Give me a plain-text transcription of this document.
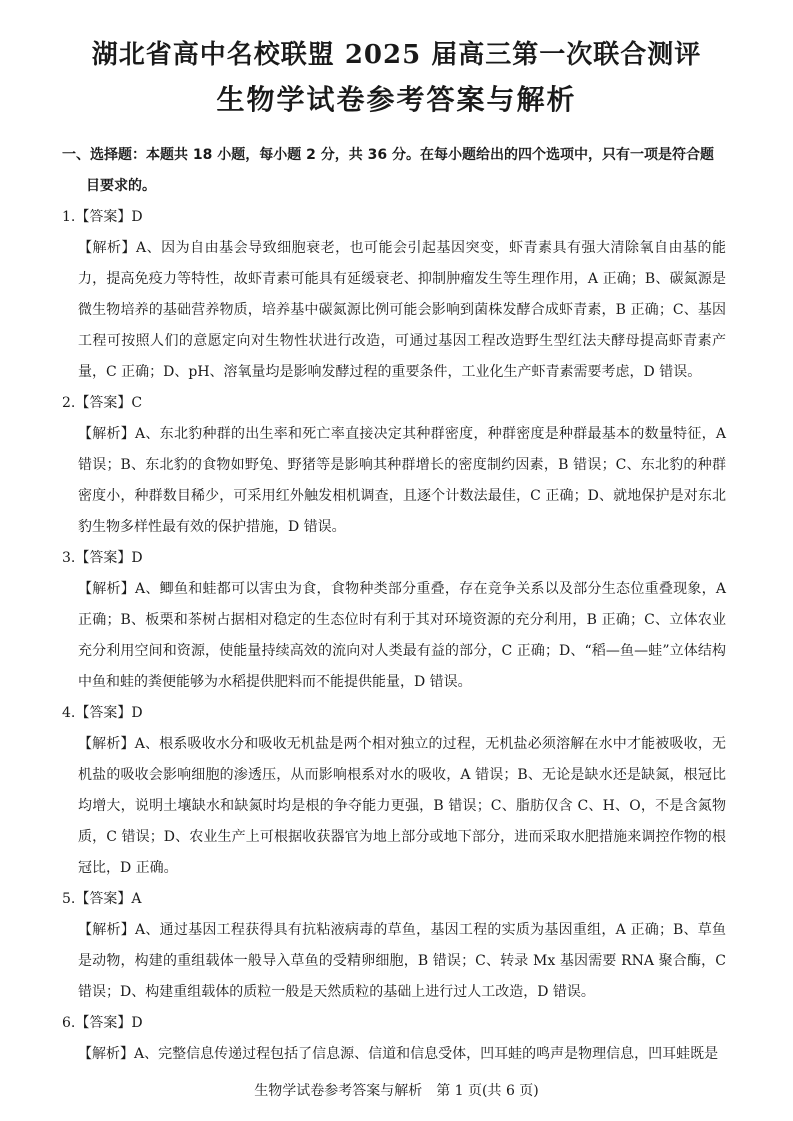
湖北省高中名校联盟 2025 届高三第一次联合测评
生物学试卷参考答案与解析
一、选择题：本题共 18 小题，每小题 2 分，共 36 分。在每小题给出的四个选项中，只有一项是符合题目要求的。
1.【答案】D
【解析】A、因为自由基会导致细胞衰老，也可能会引起基因突变，虾青素具有强大清除氧自由基的能力，提高免疫力等特性，故虾青素可能具有延缓衰老、抑制肿瘤发生等生理作用，A 正确；B、碳氮源是微生物培养的基础营养物质，培养基中碳氮源比例可能会影响到菌株发酵合成虾青素，B 正确；C、基因工程可按照人们的意愿定向对生物性状进行改造，可通过基因工程改造野生型红法夫酵母提高虾青素产量，C 正确；D、pH、溶氧量均是影响发酵过程的重要条件，工业化生产虾青素需要考虑，D 错误。
2.【答案】C
【解析】A、东北豹种群的出生率和死亡率直接决定其种群密度，种群密度是种群最基本的数量特征，A 错误；B、东北豹的食物如野兔、野猪等是影响其种群增长的密度制约因素，B 错误；C、东北豹的种群密度小，种群数目稀少，可采用红外触发相机调查，且逐个计数法最佳，C 正确；D、就地保护是对东北豹生物多样性最有效的保护措施，D 错误。
3.【答案】D
【解析】A、鲫鱼和蛙都可以害虫为食，食物种类部分重叠，存在竞争关系以及部分生态位重叠现象，A 正确；B、板栗和茶树占据相对稳定的生态位时有利于其对环境资源的充分利用，B 正确；C、立体农业充分利用空间和资源，使能量持续高效的流向对人类最有益的部分，C 正确；D、“稻—鱼—蛙”立体结构中鱼和蛙的粪便能够为水稻提供肥料而不能提供能量，D 错误。
4.【答案】D
【解析】A、根系吸收水分和吸收无机盐是两个相对独立的过程，无机盐必须溶解在水中才能被吸收，无机盐的吸收会影响细胞的渗透压，从而影响根系对水的吸收，A 错误；B、无论是缺水还是缺氮，根冠比均增大，说明土壤缺水和缺氮时均是根的争夺能力更强，B 错误；C、脂肪仅含 C、H、O，不是含氮物质，C 错误；D、农业生产上可根据收获器官为地上部分或地下部分，进而采取水肥措施来调控作物的根冠比，D 正确。
5.【答案】A
【解析】A、通过基因工程获得具有抗粘液病毒的草鱼，基因工程的实质为基因重组，A 正确；B、草鱼是动物，构建的重组载体一般导入草鱼的受精卵细胞，B 错误；C、转录 Mx 基因需要 RNA 聚合酶，C 错误；D、构建重组载体的质粒一般是天然质粒的基础上进行过人工改造，D 错误。
6.【答案】D
【解析】A、完整信息传递过程包括了信息源、信道和信息受体，凹耳蛙的鸣声是物理信息，凹耳蛙既是
生物学试卷参考答案与解析　第 1 页(共 6 页)
